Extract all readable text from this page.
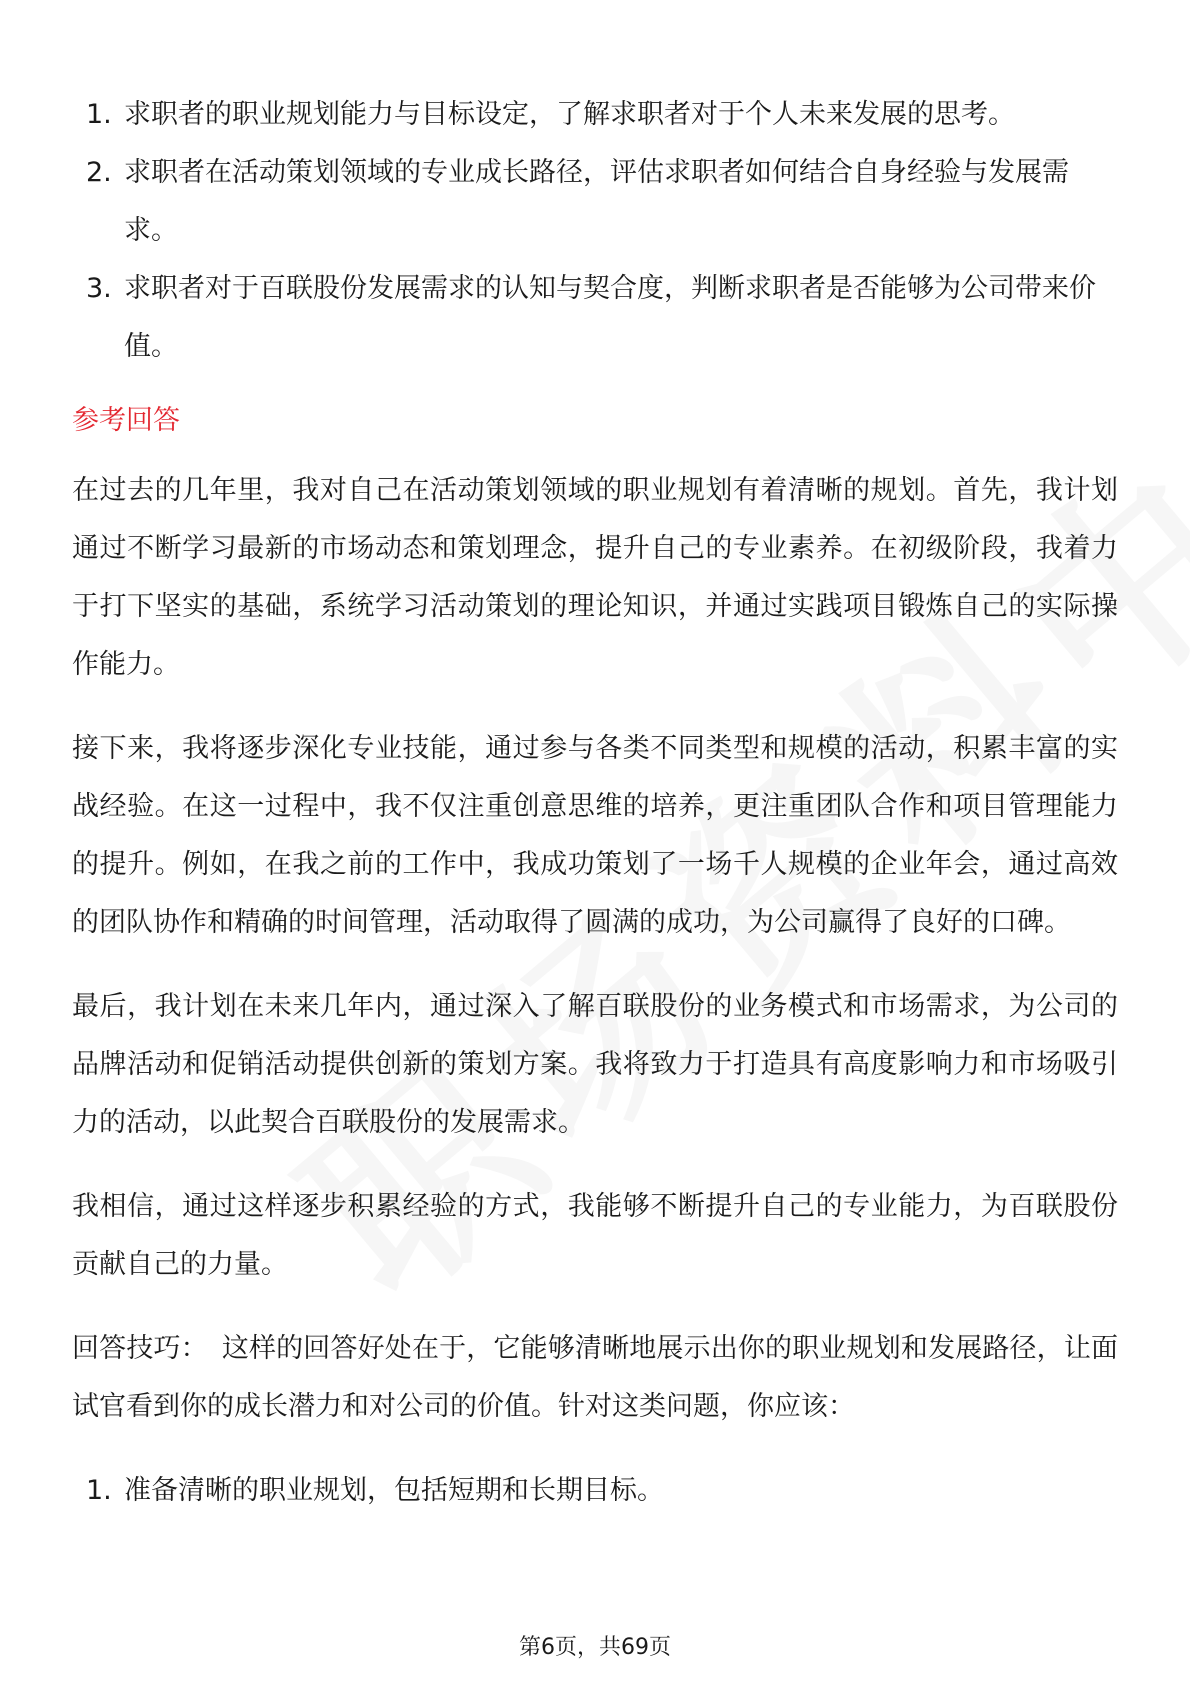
1. 求职者的职业规划能力与目标设定，了解求职者对于个人未来发展的思考。
2. 求职者在活动策划领域的专业成长路径，评估求职者如何结合自身经验与发展需求。
3. 求职者对于百联股份发展需求的认知与契合度，判断求职者是否能够为公司带来价值。
参考回答

在过去的几年里，我对自己在活动策划领域的职业规划有着清晰的规划。首先，我计划通过不断学习最新的市场动态和策划理念，提升自己的专业素养。在初级阶段，我着力于打下坚实的基础，系统学习活动策划的理论知识，并通过实践项目锻炼自己的实际操作能力。

接下来，我将逐步深化专业技能，通过参与各类不同类型和规模的活动，积累丰富的实战经验。在这一过程中，我不仅注重创意思维的培养，更注重团队合作和项目管理能力的提升。例如，在我之前的工作中，我成功策划了一场千人规模的企业年会，通过高效的团队协作和精确的时间管理，活动取得了圆满的成功，为公司赢得了良好的口碑。

最后，我计划在未来几年内，通过深入了解百联股份的业务模式和市场需求，为公司的品牌活动和促销活动提供创新的策划方案。我将致力于打造具有高度影响力和市场吸引力的活动，以此契合百联股份的发展需求。

我相信，通过这样逐步积累经验的方式，我能够不断提升自己的专业能力，为百联股份贡献自己的力量。

回答技巧： 这样的回答好处在于，它能够清晰地展示出你的职业规划和发展路径，让面试官看到你的成长潜力和对公司的价值。针对这类问题，你应该：

1. 准备清晰的职业规划，包括短期和长期目标。
第6页，共69页
